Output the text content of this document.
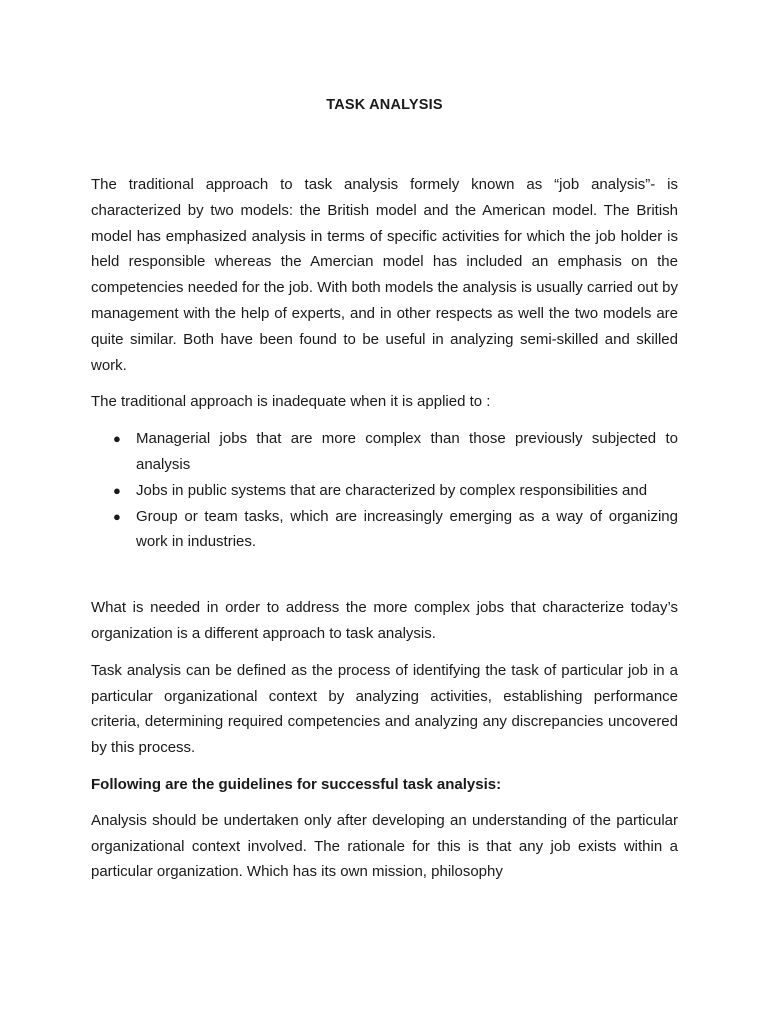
TASK ANALYSIS

The traditional approach to task analysis formely known as “job analysis”- is characterized by two models: the British model and the American model. The British model has emphasized analysis in terms of specific activities for which the job holder is held responsible whereas the Amercian model has included an emphasis on the competencies needed for the job. With both models the analysis is usually carried out by management with the help of experts, and in other respects as well the two models are quite similar. Both have been found to be useful in analyzing semi-skilled and skilled work.

The traditional approach is inadequate when it is applied to :

● Managerial jobs that are more complex than those previously subjected to analysis
● Jobs in public systems that are characterized by complex responsibilities and
● Group or team tasks, which are increasingly emerging as a way of organizing work in industries.

What is needed in order to address the more complex jobs that characterize today’s organization is a different approach to task analysis.

Task analysis can be defined as the process of identifying the task of particular job in a particular organizational context by analyzing activities, establishing performance criteria, determining required competencies and analyzing any discrepancies uncovered by this process.

Following are the guidelines for successful task analysis:

Analysis should be undertaken only after developing an understanding of the particular organizational context involved. The rationale for this is that any job exists within a particular organization. Which has its own mission, philosophy
